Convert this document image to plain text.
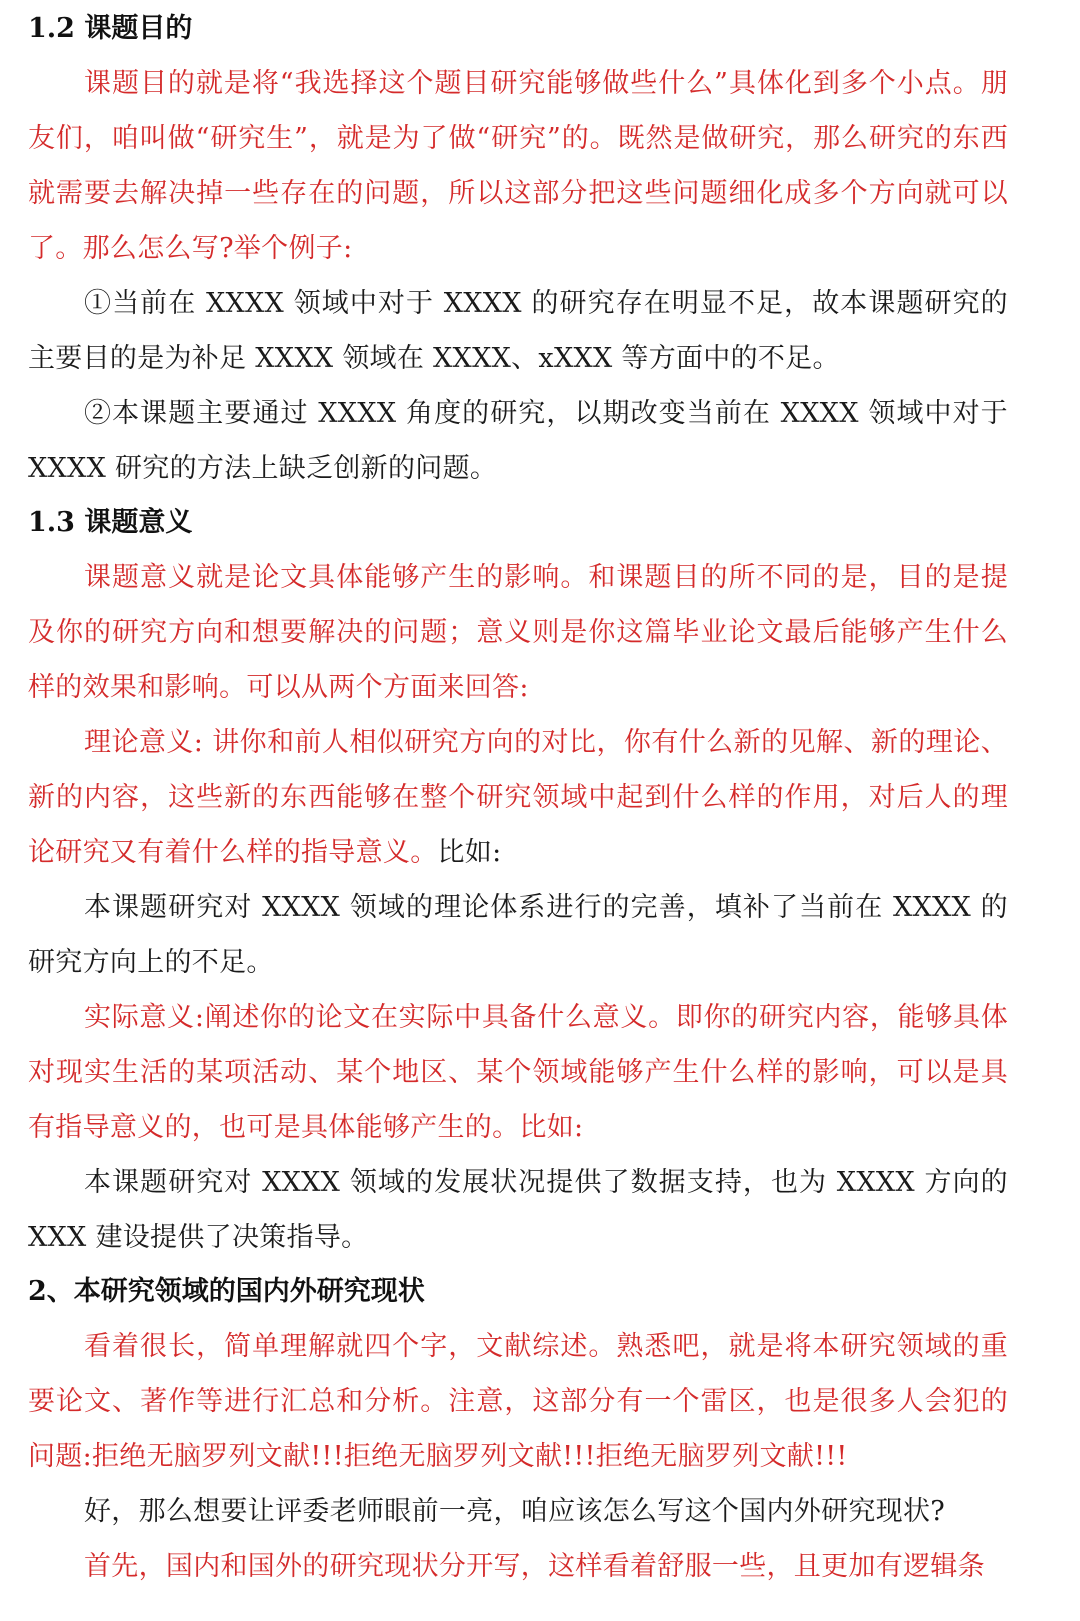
1.2 课题目的

课题目的就是将“我选择这个题目研究能够做些什么”具体化到多个小点。朋友们，咱叫做“研究生”，就是为了做“研究”的。既然是做研究，那么研究的东西就需要去解决掉一些存在的问题，所以这部分把这些问题细化成多个方向就可以了。那么怎么写?举个例子:

①当前在 XXXX 领域中对于 XXXX 的研究存在明显不足，故本课题研究的主要目的是为补足 XXXX 领域在 XXXX、xXXX 等方面中的不足。

②本课题主要通过 XXXX 角度的研究，以期改变当前在 XXXX 领域中对于 XXXX 研究的方法上缺乏创新的问题。

1.3 课题意义

课题意义就是论文具体能够产生的影响。和课题目的所不同的是，目的是提及你的研究方向和想要解决的问题；意义则是你这篇毕业论文最后能够产生什么样的效果和影响。可以从两个方面来回答:

理论意义: 讲你和前人相似研究方向的对比，你有什么新的见解、新的理论、新的内容，这些新的东西能够在整个研究领域中起到什么样的作用，对后人的理论研究又有着什么样的指导意义。比如:

本课题研究对 XXXX 领域的理论体系进行的完善，填补了当前在 XXXX 的研究方向上的不足。

实际意义:阐述你的论文在实际中具备什么意义。即你的研究内容，能够具体对现实生活的某项活动、某个地区、某个领域能够产生什么样的影响，可以是具有指导意义的，也可是具体能够产生的。比如:

本课题研究对 XXXX 领域的发展状况提供了数据支持，也为 XXXX 方向的 XXX 建设提供了决策指导。

2、本研究领域的国内外研究现状

看着很长，简单理解就四个字，文献综述。熟悉吧，就是将本研究领域的重要论文、著作等进行汇总和分析。注意，这部分有一个雷区，也是很多人会犯的问题:拒绝无脑罗列文献!!!拒绝无脑罗列文献!!!拒绝无脑罗列文献!!!

好，那么想要让评委老师眼前一亮，咱应该怎么写这个国内外研究现状?

首先，国内和国外的研究现状分开写，这样看着舒服一些，且更加有逻辑条
